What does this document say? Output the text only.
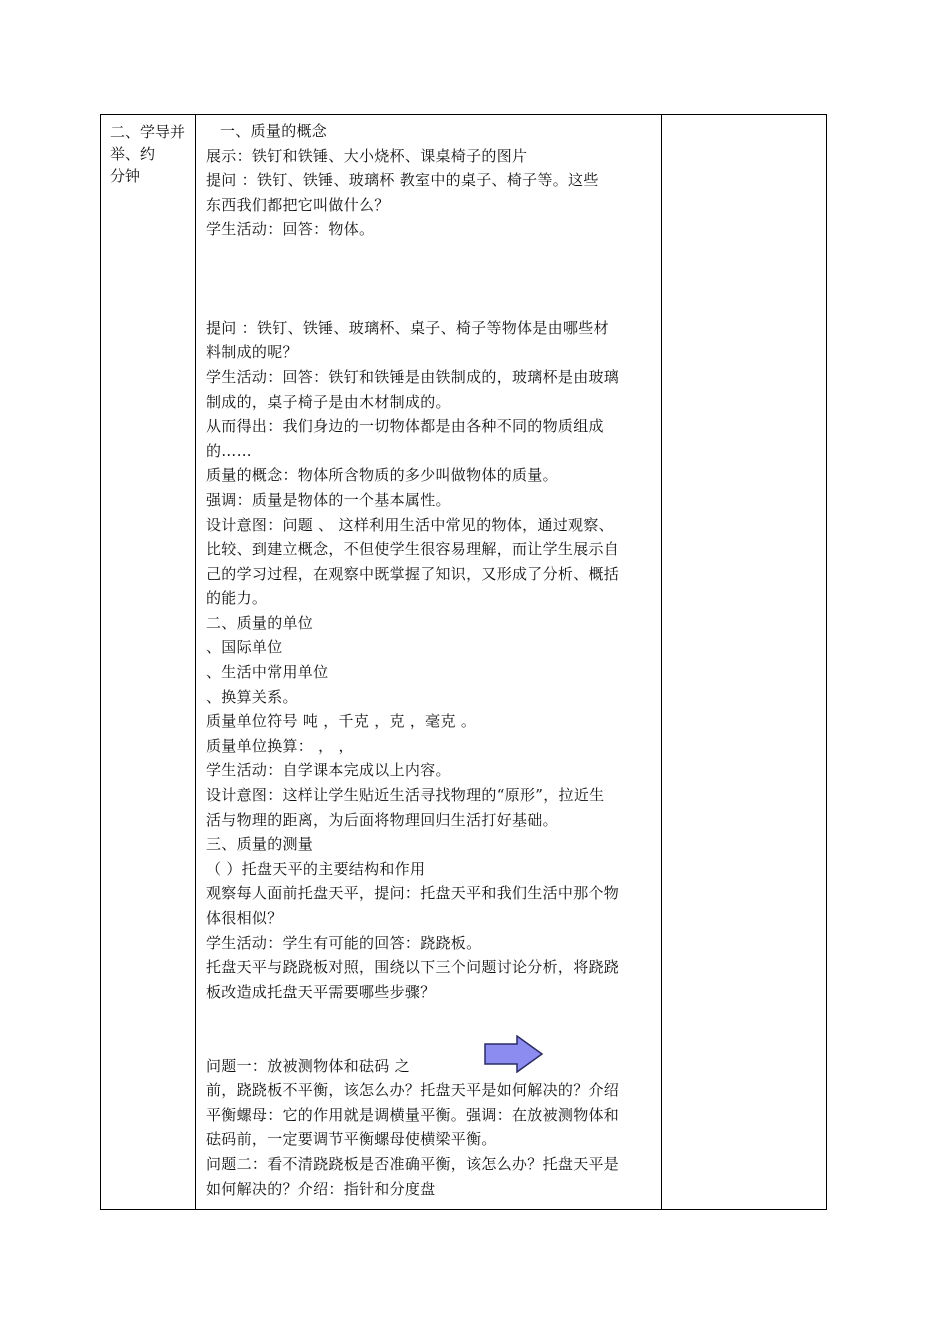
二、学导并
举、约
分钟
一、质量的概念
展示：铁钉和铁锤、大小烧杯、课桌椅子的图片
提问 ：铁钉、铁锤、玻璃杯 教室中的桌子、椅子等。这些
东西我们都把它叫做什么？
学生活动：回答：物体。
提问 ：铁钉、铁锤、玻璃杯、桌子、椅子等物体是由哪些材
料制成的呢？
学生活动：回答：铁钉和铁锤是由铁制成的，玻璃杯是由玻璃
制成的，桌子椅子是由木材制成的。
从而得出：我们身边的一切物体都是由各种不同的物质组成
的……
质量的概念：物体所含物质的多少叫做物体的质量。
强调：质量是物体的一个基本属性。
设计意图：问题 、 这样利用生活中常见的物体，通过观察、
比较、到建立概念，不但使学生很容易理解，而让学生展示自
己的学习过程，在观察中既掌握了知识，又形成了分析、概括
的能力。
二、质量的单位
、国际单位
、生活中常用单位
、换算关系。
质量单位符号 吨 ，千克 ，克 ，毫克 。
质量单位换算： ， ，
学生活动：自学课本完成以上内容。
设计意图：这样让学生贴近生活寻找物理的“原形”，拉近生
活与物理的距离，为后面将物理回归生活打好基础。
三、质量的测量
（ ）托盘天平的主要结构和作用
观察每人面前托盘天平，提问：托盘天平和我们生活中那个物
体很相似？
学生活动：学生有可能的回答：跷跷板。
托盘天平与跷跷板对照，围绕以下三个问题讨论分析，将跷跷
板改造成托盘天平需要哪些步骤？
问题一：放被测物体和砝码 之
前，跷跷板不平衡，该怎么办？托盘天平是如何解决的？介绍
平衡螺母：它的作用就是调横量平衡。强调：在放被测物体和
砝码前，一定要调节平衡螺母使横梁平衡。
问题二：看不清跷跷板是否准确平衡，该怎么办？托盘天平是
如何解决的？介绍：指针和分度盘
